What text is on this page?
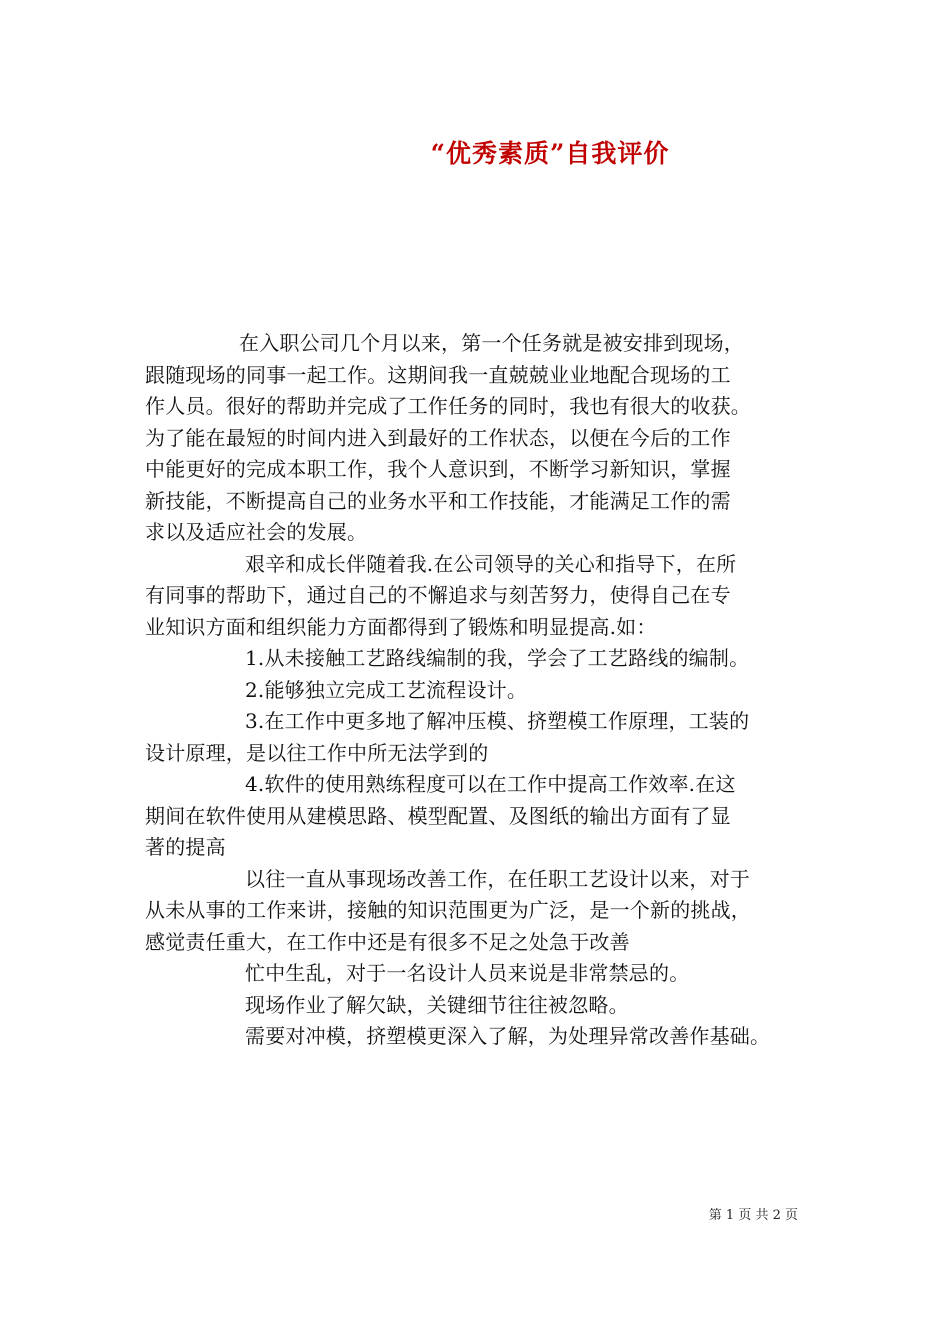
“优秀素质”自我评价
在入职公司几个月以来，第一个任务就是被安排到现场，
跟随现场的同事一起工作。这期间我一直兢兢业业地配合现场的工
作人员。很好的帮助并完成了工作任务的同时，我也有很大的收获。
为了能在最短的时间内进入到最好的工作状态，以便在今后的工作
中能更好的完成本职工作，我个人意识到，不断学习新知识，掌握
新技能，不断提高自己的业务水平和工作技能，才能满足工作的需
求以及适应社会的发展。
艰辛和成长伴随着我.在公司领导的关心和指导下，在所
有同事的帮助下，通过自己的不懈追求与刻苦努力，使得自己在专
业知识方面和组织能力方面都得到了锻炼和明显提高.如：
1.从未接触工艺路线编制的我，学会了工艺路线的编制。
2.能够独立完成工艺流程设计。
3.在工作中更多地了解冲压模、挤塑模工作原理，工装的
设计原理，是以往工作中所无法学到的
4.软件的使用熟练程度可以在工作中提高工作效率.在这
期间在软件使用从建模思路、模型配置、及图纸的输出方面有了显
著的提高
以往一直从事现场改善工作，在任职工艺设计以来，对于
从未从事的工作来讲，接触的知识范围更为广泛，是一个新的挑战，
感觉责任重大，在工作中还是有很多不足之处急于改善
忙中生乱，对于一名设计人员来说是非常禁忌的。
现场作业了解欠缺，关键细节往往被忽略。
需要对冲模，挤塑模更深入了解，为处理异常改善作基础。
第 1 页 共 2 页
